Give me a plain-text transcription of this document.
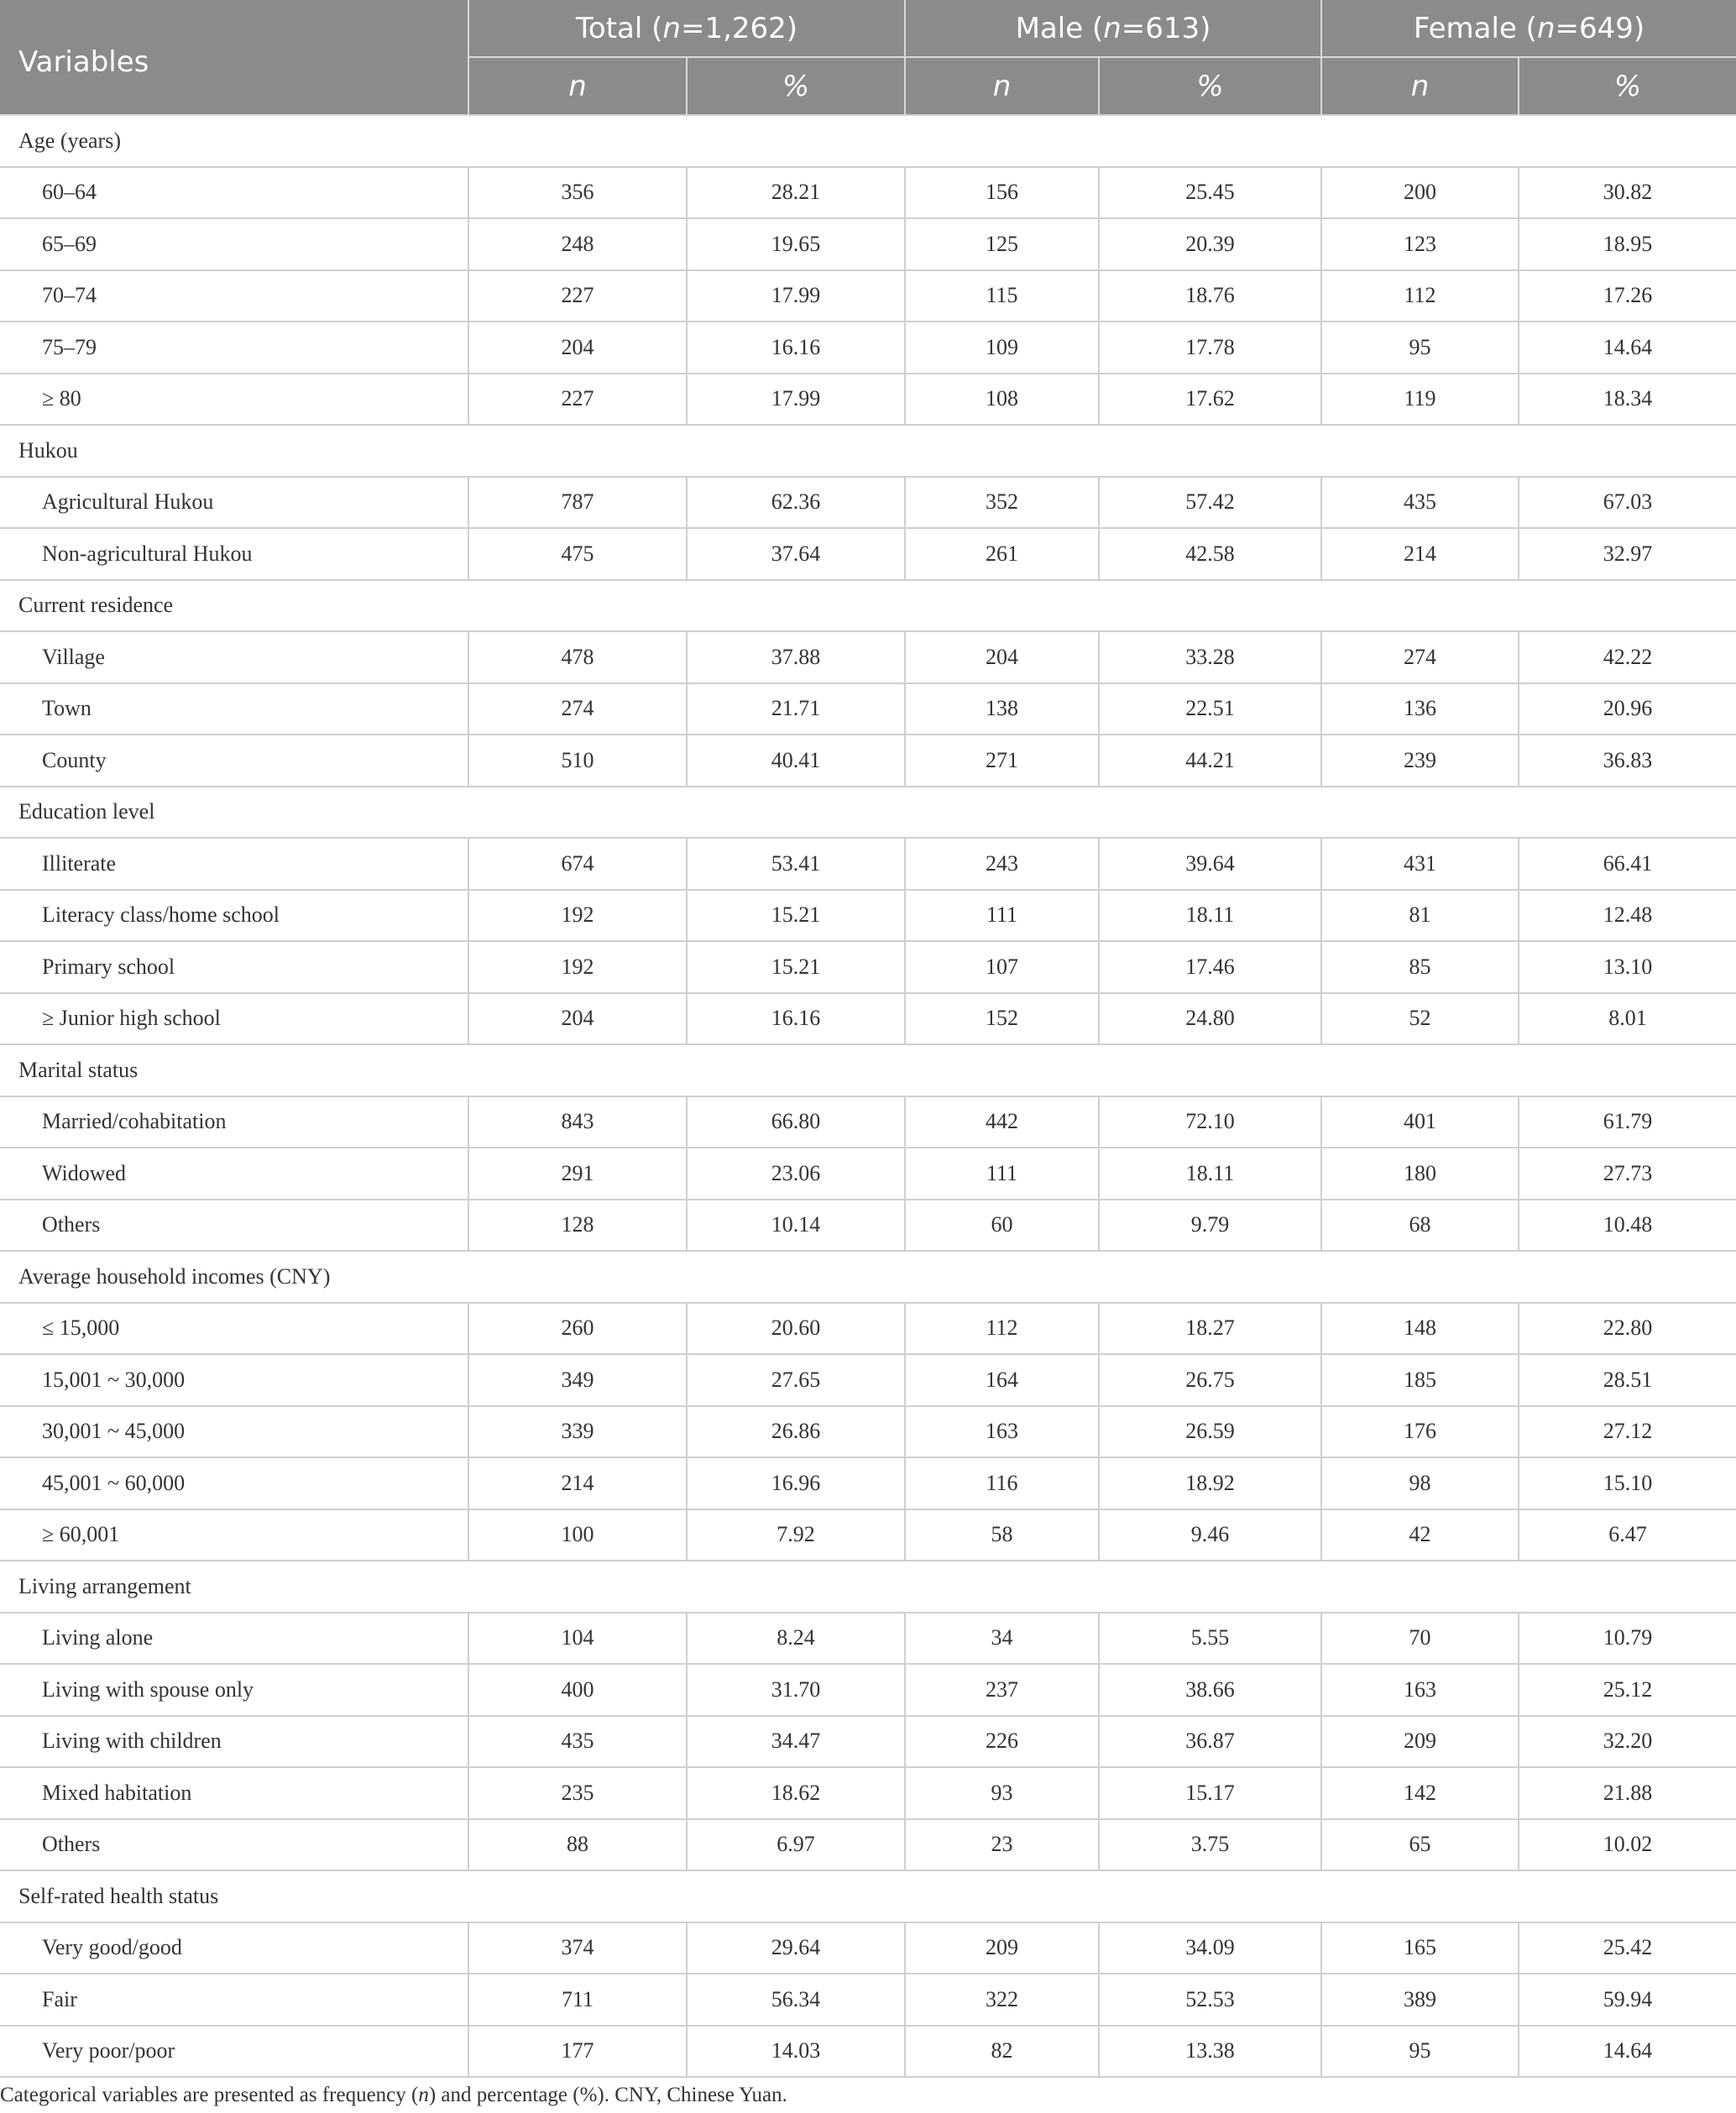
Variables	Total (n=1,262)		Male (n=613)		Female (n=649)	
	n	%	n	%	n	%
Age (years)						
60–64	356	28.21	156	25.45	200	30.82
65–69	248	19.65	125	20.39	123	18.95
70–74	227	17.99	115	18.76	112	17.26
75–79	204	16.16	109	17.78	95	14.64
≥ 80	227	17.99	108	17.62	119	18.34
Hukou						
Agricultural Hukou	787	62.36	352	57.42	435	67.03
Non-agricultural Hukou	475	37.64	261	42.58	214	32.97
Current residence						
Village	478	37.88	204	33.28	274	42.22
Town	274	21.71	138	22.51	136	20.96
County	510	40.41	271	44.21	239	36.83
Education level						
Illiterate	674	53.41	243	39.64	431	66.41
Literacy class/home school	192	15.21	111	18.11	81	12.48
Primary school	192	15.21	107	17.46	85	13.10
≥ Junior high school	204	16.16	152	24.80	52	8.01
Marital status						
Married/cohabitation	843	66.80	442	72.10	401	61.79
Widowed	291	23.06	111	18.11	180	27.73
Others	128	10.14	60	9.79	68	10.48
Average household incomes (CNY)						
≤ 15,000	260	20.60	112	18.27	148	22.80
15,001 ~ 30,000	349	27.65	164	26.75	185	28.51
30,001 ~ 45,000	339	26.86	163	26.59	176	27.12
45,001 ~ 60,000	214	16.96	116	18.92	98	15.10
≥ 60,001	100	7.92	58	9.46	42	6.47
Living arrangement						
Living alone	104	8.24	34	5.55	70	10.79
Living with spouse only	400	31.70	237	38.66	163	25.12
Living with children	435	34.47	226	36.87	209	32.20
Mixed habitation	235	18.62	93	15.17	142	21.88
Others	88	6.97	23	3.75	65	10.02
Self-rated health status						
Very good/good	374	29.64	209	34.09	165	25.42
Fair	711	56.34	322	52.53	389	59.94
Very poor/poor	177	14.03	82	13.38	95	14.64
Categorical variables are presented as frequency (n) and percentage (%). CNY, Chinese Yuan.
